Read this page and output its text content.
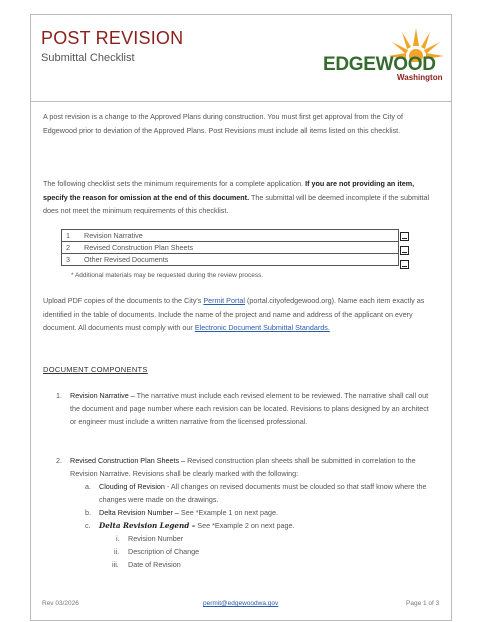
POST REVISION
Submittal Checklist	EDGEWOOD
Washington
A post revision is a change to the Approved Plans during construction. You must first get approval from the City of Edgewood prior to deviation of the Approved Plans. Post Revisions must include all items listed on this checklist.
The following checklist sets the minimum requirements for a complete application. If you are not providing an item, specify the reason for omission at the end of this document. The submittal will be deemed incomplete if the submittal does not meet the minimum requirements of this checklist.
1	Revision Narrative
2	Revised Construction Plan Sheets
3	Other Revised Documents
* Additional materials may be requested during the review process.
Upload PDF copies of the documents to the City's Permit Portal (portal.cityofedgewood.org). Name each item exactly as identified in the table of documents. Include the name of the project and name and address of the applicant on every document. All documents must comply with our Electronic Document Submittal Standards.
DOCUMENT COMPONENTS
1. Revision Narrative – The narrative must include each revised element to be reviewed. The narrative shall call out the document and page number where each revision can be located. Revisions to plans designed by an architect or engineer must include a written narrative from the licensed professional.
2. Revised Construction Plan Sheets – Revised construction plan sheets shall be submitted in correlation to the Revision Narrative. Revisions shall be clearly marked with the following:
a. Clouding of Revision - All changes on revised documents must be clouded so that staff know where the changes were made on the drawings.
b. Delta Revision Number – See *Example 1 on next page.
c. Delta Revision Legend – See *Example 2 on next page.
i. Revision Number
ii. Description of Change
iii. Date of Revision
Rev 03/2026	permit@edgewoodwa.gov	Page 1 of 3
